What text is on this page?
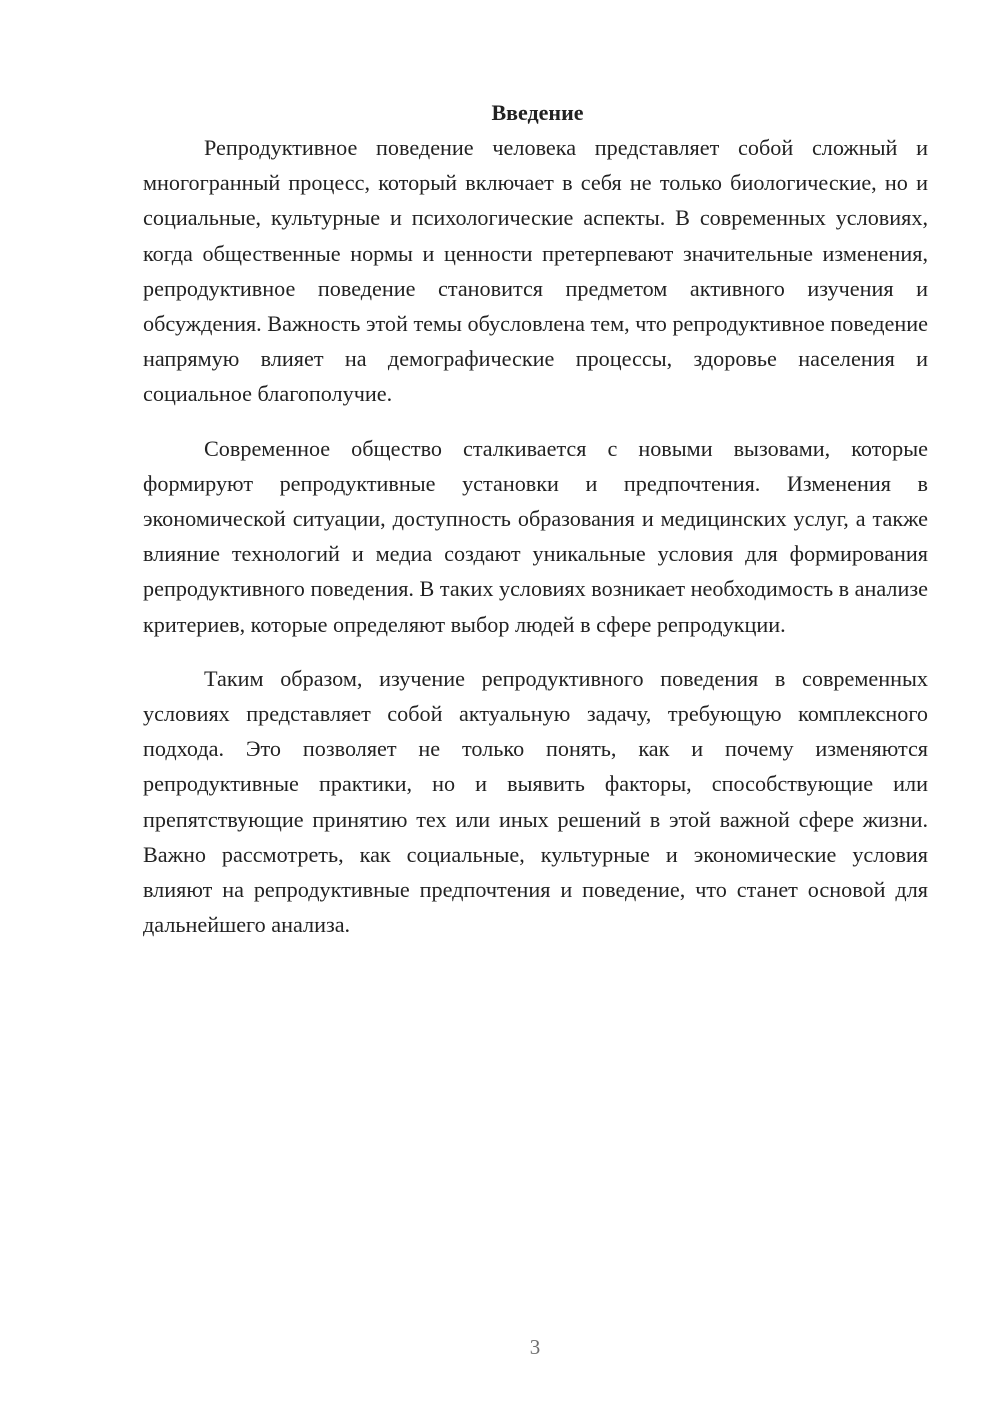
Введение

Репродуктивное поведение человека представляет собой сложный и многогранный процесс, который включает в себя не только биологические, но и социальные, культурные и психологические аспекты. В современных условиях, когда общественные нормы и ценности претерпевают значительные изменения, репродуктивное поведение становится предметом активного изучения и обсуждения. Важность этой темы обусловлена тем, что репродуктивное поведение напрямую влияет на демографические процессы, здоровье населения и социальное благополучие.

Современное общество сталкивается с новыми вызовами, которые формируют репродуктивные установки и предпочтения. Изменения в экономической ситуации, доступность образования и медицинских услуг, а также влияние технологий и медиа создают уникальные условия для формирования репродуктивного поведения. В таких условиях возникает необходимость в анализе критериев, которые определяют выбор людей в сфере репродукции.

Таким образом, изучение репродуктивного поведения в современных условиях представляет собой актуальную задачу, требующую комплексного подхода. Это позволяет не только понять, как и почему изменяются репродуктивные практики, но и выявить факторы, способствующие или препятствующие принятию тех или иных решений в этой важной сфере жизни. Важно рассмотреть, как социальные, культурные и экономические условия влияют на репродуктивные предпочтения и поведение, что станет основой для дальнейшего анализа.

3
